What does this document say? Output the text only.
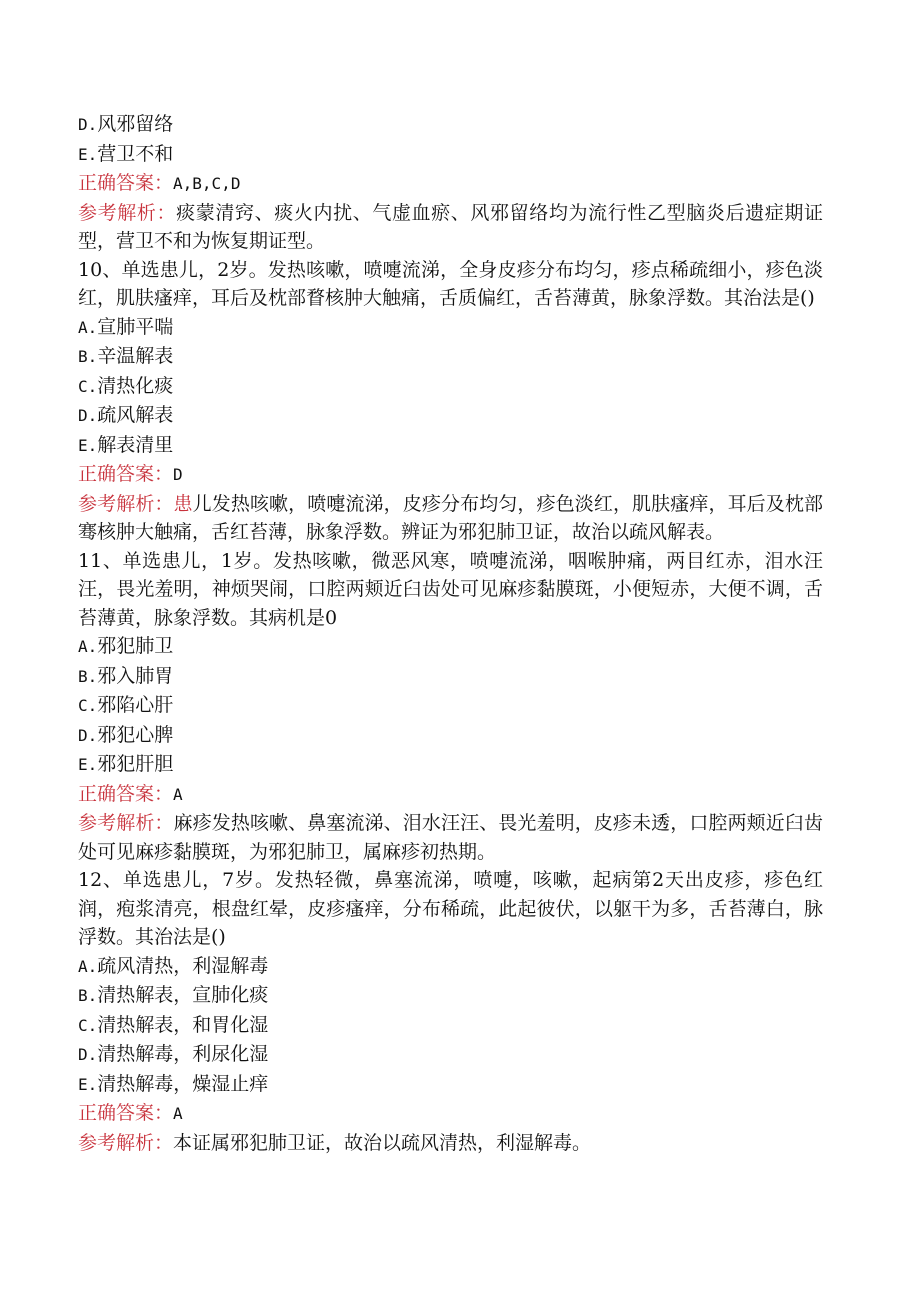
D.风邪留络
E.营卫不和
正确答案：A,B,C,D
参考解析：痰蒙清窍、痰火内扰、气虚血瘀、风邪留络均为流行性乙型脑炎后遗症期证型，营卫不和为恢复期证型。
10、单选患儿，2岁。发热咳嗽，喷嚏流涕，全身皮疹分布均匀，疹点稀疏细小，疹色淡红，肌肤瘙痒，耳后及枕部瞀核肿大触痛，舌质偏红，舌苔薄黄，脉象浮数。其治法是()
A.宣肺平喘
B.辛温解表
C.清热化痰
D.疏风解表
E.解表清里
正确答案：D
参考解析：患儿发热咳嗽，喷嚏流涕，皮疹分布均匀，疹色淡红，肌肤瘙痒，耳后及枕部骞核肿大触痛，舌红苔薄，脉象浮数。辨证为邪犯肺卫证，故治以疏风解表。
11、单选患儿，1岁。发热咳嗽，微恶风寒，喷嚏流涕，咽喉肿痛，两目红赤，泪水汪汪，畏光羞明，神烦哭闹，口腔两颊近臼齿处可见麻疹黏膜斑，小便短赤，大便不调，舌苔薄黄，脉象浮数。其病机是0
A.邪犯肺卫
B.邪入肺胃
C.邪陷心肝
D.邪犯心脾
E.邪犯肝胆
正确答案：A
参考解析：麻疹发热咳嗽、鼻塞流涕、泪水汪汪、畏光羞明，皮疹未透，口腔两颊近臼齿处可见麻疹黏膜斑，为邪犯肺卫，属麻疹初热期。
12、单选患儿，7岁。发热轻微，鼻塞流涕，喷嚏，咳嗽，起病第2天出皮疹，疹色红润，疱浆清亮，根盘红晕，皮疹瘙痒，分布稀疏，此起彼伏，以躯干为多，舌苔薄白，脉浮数。其治法是()
A.疏风清热，利湿解毒
B.清热解表，宣肺化痰
C.清热解表，和胃化湿
D.清热解毒，利尿化湿
E.清热解毒，燥湿止痒
正确答案：A
参考解析：本证属邪犯肺卫证，故治以疏风清热，利湿解毒。
